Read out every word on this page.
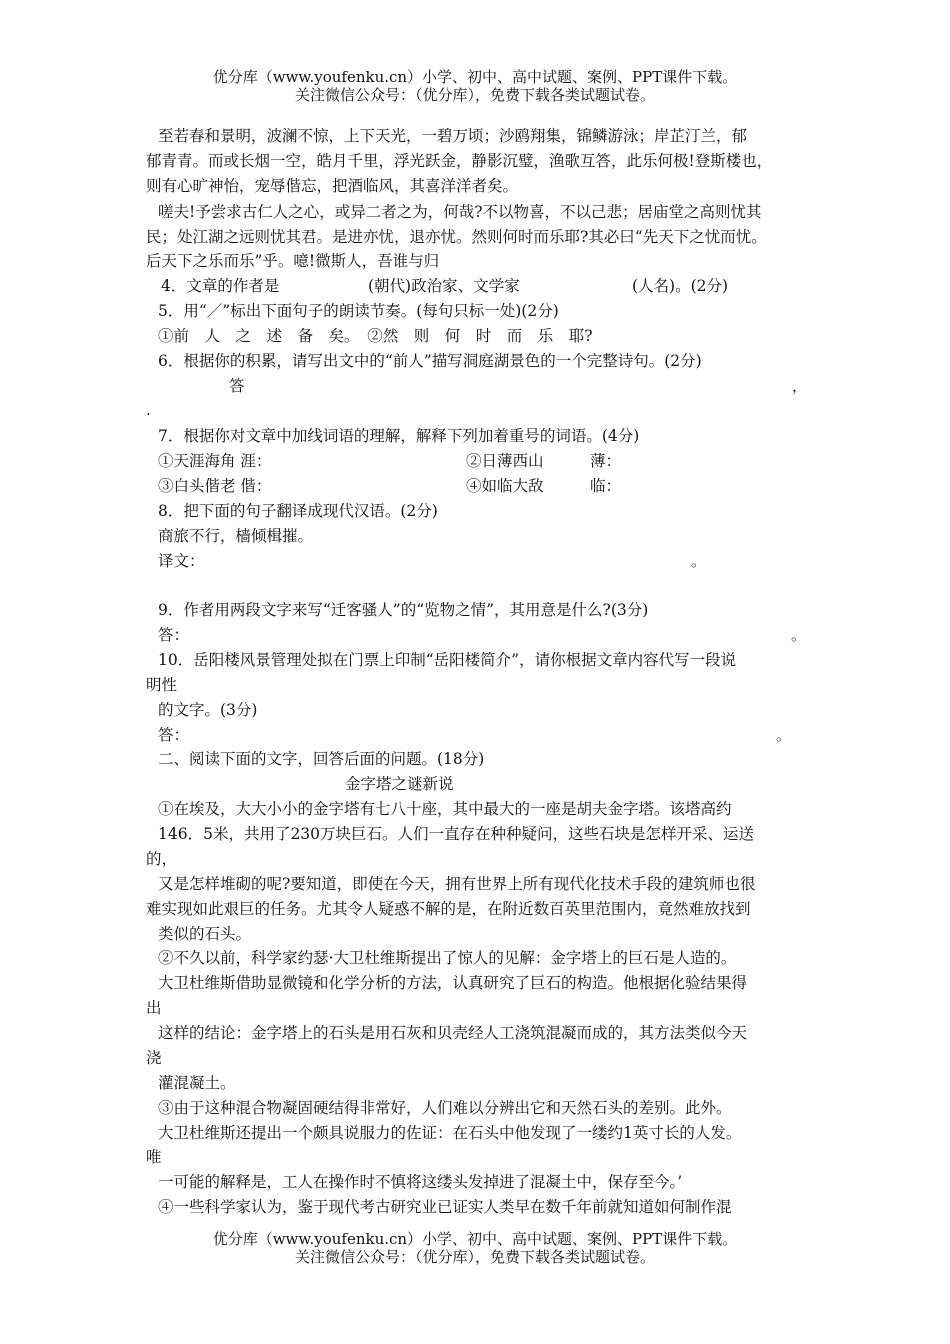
优分库（www.youfenku.cn）小学、初中、高中试题、案例、PPT课件下载。
关注微信公众号：（优分库），免费下载各类试题试卷。
至若春和景明，波澜不惊，上下天光，一碧万顷；沙鸥翔集，锦鳞游泳；岸芷汀兰，郁
郁青青。而或长烟一空，皓月千里，浮光跃金，静影沉璧，渔歌互答，此乐何极!登斯楼也，
则有心旷神怡，宠辱偕忘，把酒临风，其喜洋洋者矣。
嗟夫!予尝求古仁人之心，或异二者之为，何哉?不以物喜，不以己悲；居庙堂之高则忧其
民；处江湖之远则忧其君。是进亦忧，退亦忧。然则何时而乐耶?其必曰“先天下之忧而忧。
后天下之乐而乐”乎。噫!微斯人，吾谁与归
4．文章的作者是	(朝代)政治家、文学家	(人名)。(2分)
5．用“／”标出下面句子的朗读节奏。(每句只标一处)(2分)
①前　人　之　述　备　矣。　②然　则　何　时　而　乐　耶?
6．根据你的积累，请写出文中的“前人”描写洞庭湖景色的一个完整诗句。(2分)
答	，
.
7．根据你对文章中加线词语的理解，解释下列加着重号的词语。(4分)
①天涯海角 涯：	②日薄西山　　　薄：
③白头偕老 偕：	④如临大敌　　　临：
8．把下面的句子翻译成现代汉语。(2分)
商旅不行，樯倾楫摧。
译文：	。
9．作者用两段文字来写“迁客骚人”的“览物之情”，其用意是什么?(3分)
答：	。
10．岳阳楼风景管理处拟在门票上印制“岳阳楼简介”，请你根据文章内容代写一段说
明性
的文字。(3分)
答：	。
二、阅读下面的文字，回答后面的问题。(18分)
金字塔之谜新说
①在埃及，大大小小的金字塔有七八十座，其中最大的一座是胡夫金字塔。该塔高约
146．5米，共用了230万块巨石。人们一直存在种种疑问，这些石块是怎样开采、运送
的，
又是怎样堆砌的呢?要知道，即使在今天，拥有世界上所有现代化技术手段的建筑师也很
难实现如此艰巨的任务。尤其令人疑惑不解的是，在附近数百英里范围内，竟然难放找到
类似的石头。
②不久以前，科学家约瑟·大卫杜维斯提出了惊人的见解：金字塔上的巨石是人造的。
大卫杜维斯借助显微镜和化学分析的方法，认真研究了巨石的构造。他根据化验结果得
出
这样的结论：金字塔上的石头是用石灰和贝壳经人工浇筑混凝而成的，其方法类似今天
浇
灌混凝土。
③由于这种混合物凝固硬结得非常好，人们难以分辨出它和天然石头的差别。此外。
大卫杜维斯还提出一个颇具说服力的佐证：在石头中他发现了一缕约1英寸长的人发。
唯
一可能的解释是，工人在操作时不慎将这缕头发掉进了混凝土中，保存至今。’
④一些科学家认为，鉴于现代考古研究业已证实人类早在数千年前就知道如何制作混
优分库（www.youfenku.cn）小学、初中、高中试题、案例、PPT课件下载。
关注微信公众号：（优分库），免费下载各类试题试卷。
